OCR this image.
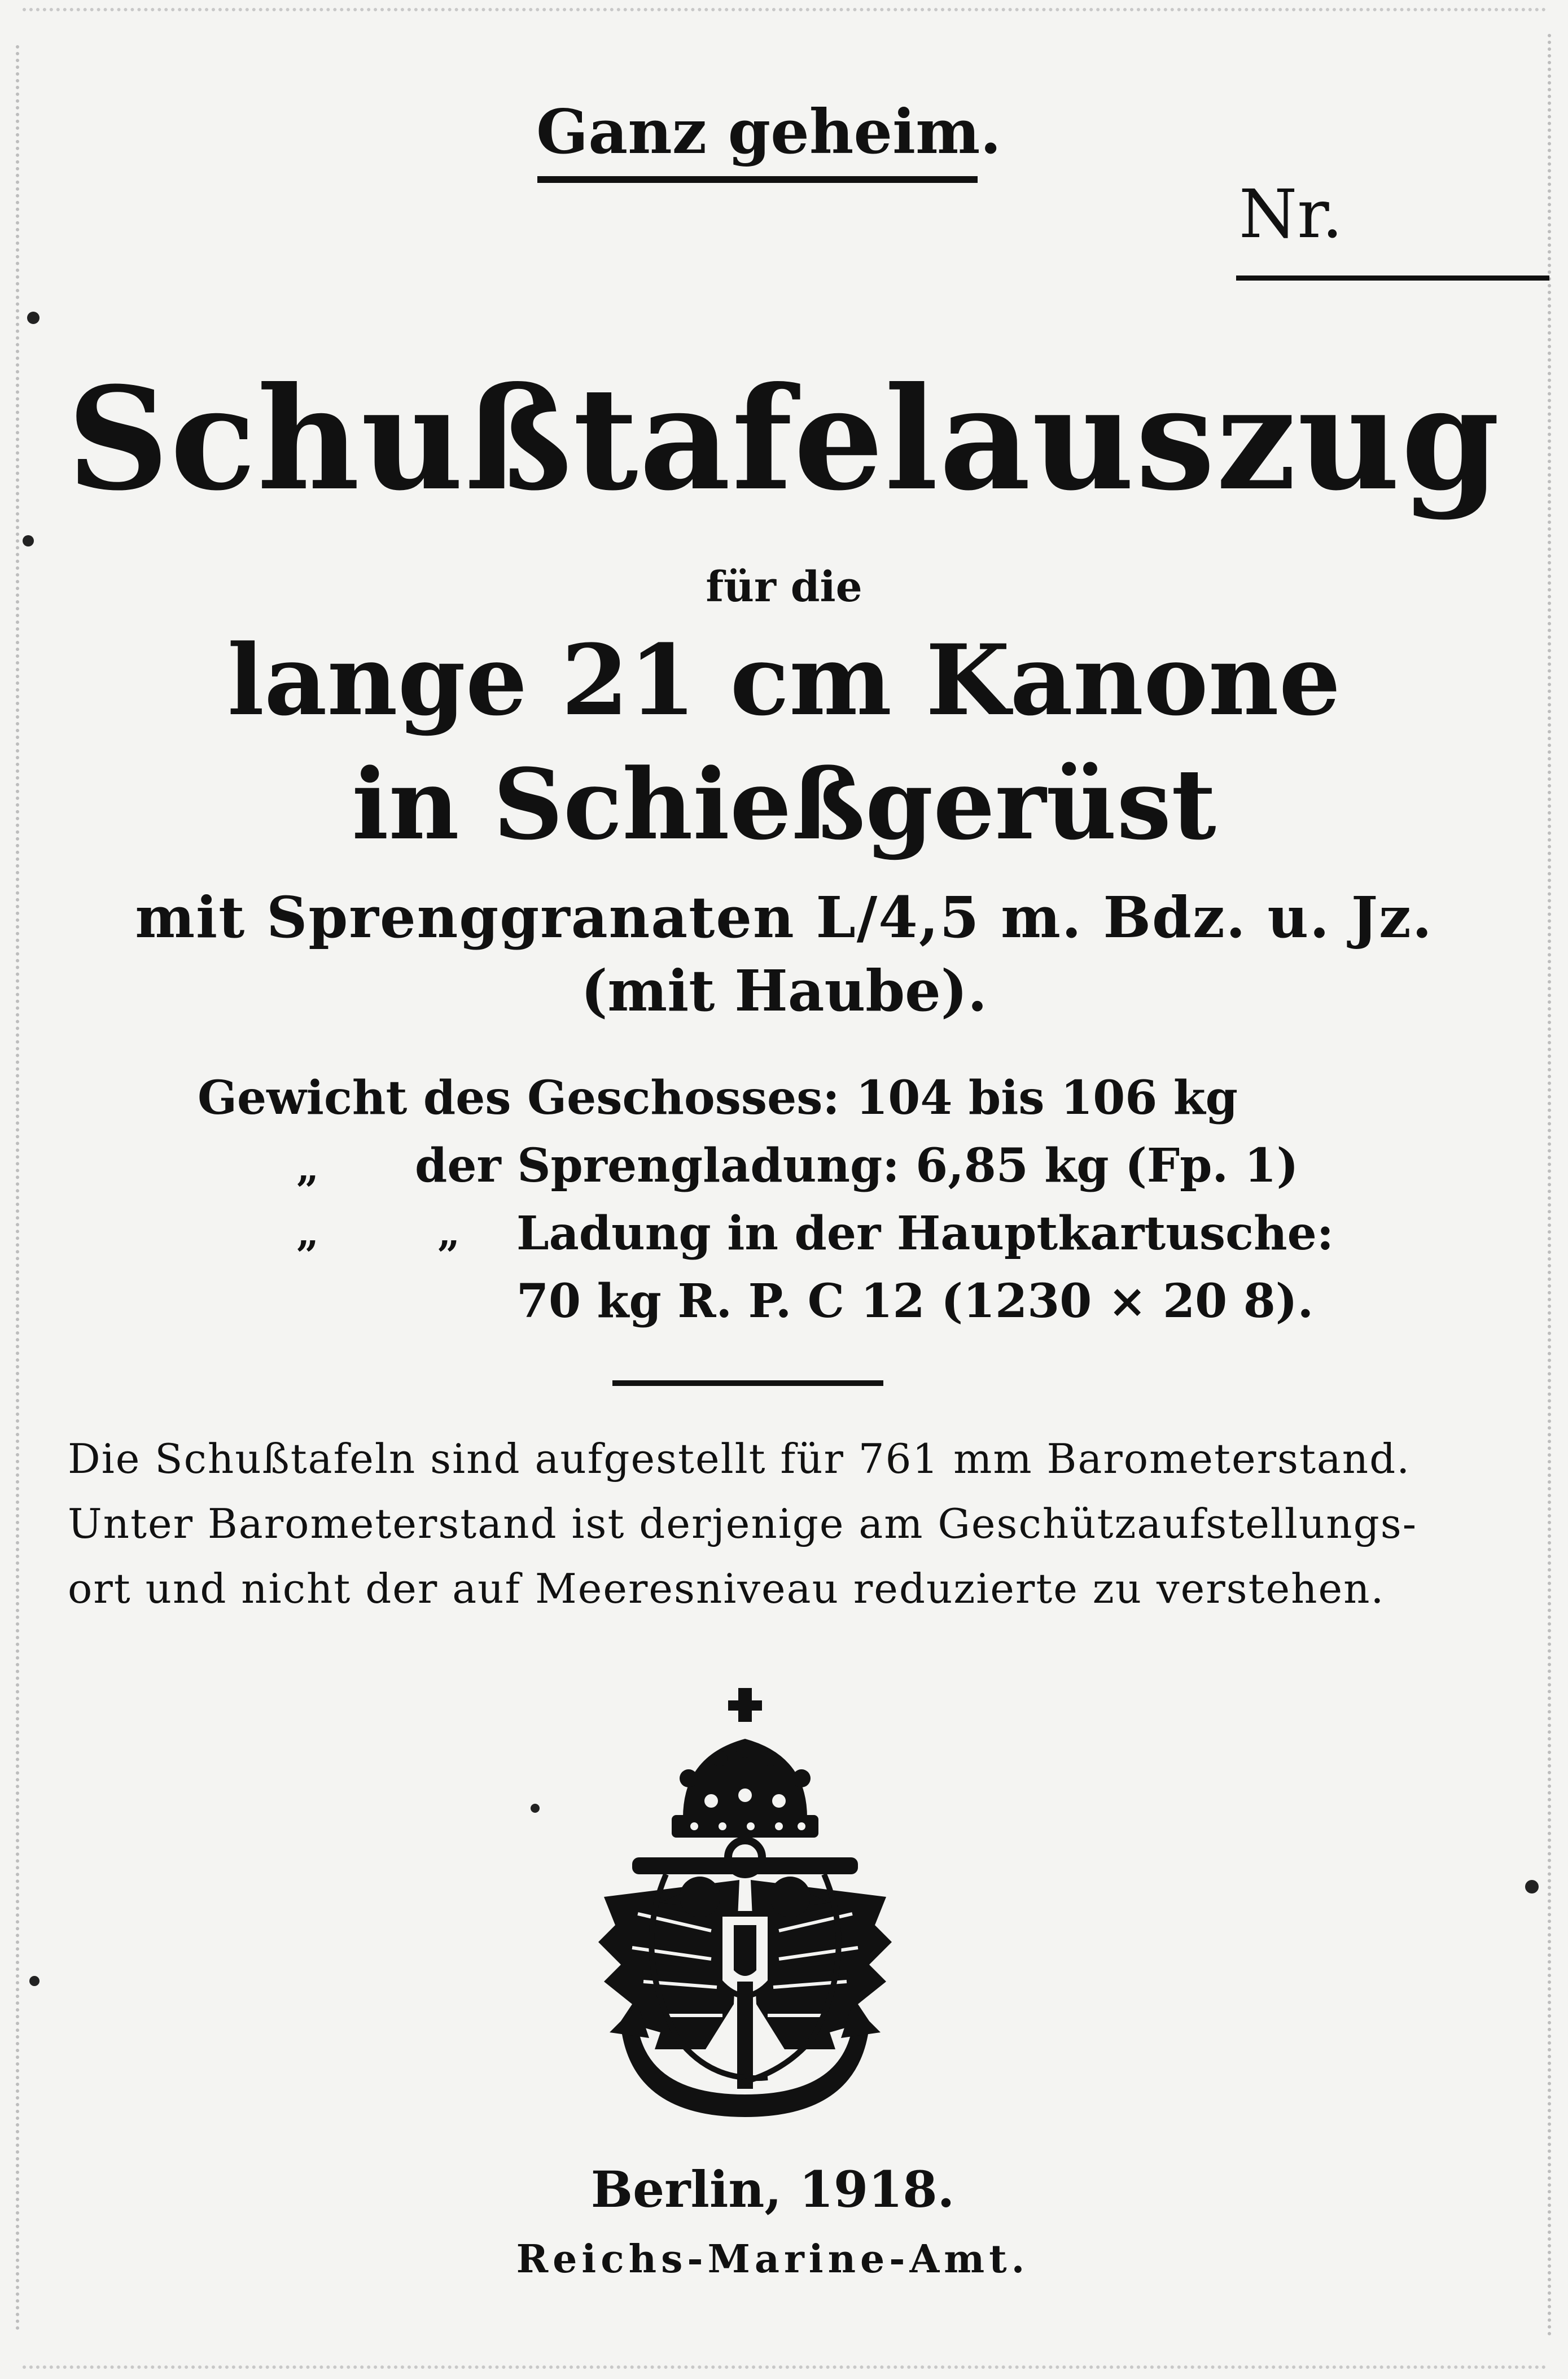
Ganz geheim.
Nr.
Schußtafelauszug
für die
lange 21 cm Kanone
in Schießgerüst
mit Sprenggranaten L/4,5 m. Bdz. u. Jz.
(mit Haube).
Gewicht des Geschosses: 104 bis 106 kg
„ der Sprengladung: 6,85 kg (Fp. 1)
„	„ Ladung in der Hauptkartusche:
70 kg R. P. C 12 (1230 × 20 8).
Die Schußtafeln sind aufgestellt für 761 mm Barometerstand.
Unter Barometerstand ist derjenige am Geschützaufstellungs-
ort und nicht der auf Meeresniveau reduzierte zu verstehen.
Berlin, 1918.
Reichs-Marine-Amt.
